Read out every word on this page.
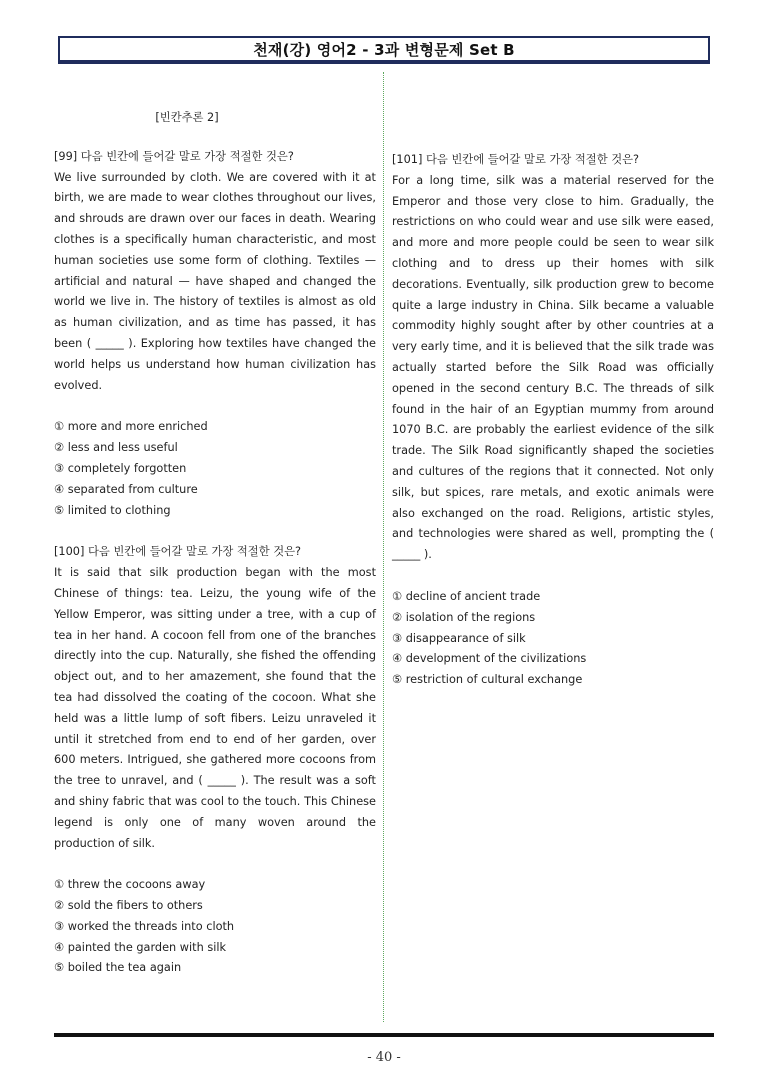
천재(강) 영어2 - 3과 변형문제 Set B
[빈칸추론 2]

[99] 다음 빈칸에 들어갈 말로 가장 적절한 것은?

We live surrounded by cloth. We are covered with it at birth, we are made to wear clothes throughout our lives, and shrouds are drawn over our faces in death. Wearing clothes is a specifically human characteristic, and most human societies use some form of clothing. Textiles — artificial and natural — have shaped and changed the world we live in. The history of textiles is almost as old as human civilization, and as time has passed, it has been ( _____ ). Exploring how textiles have changed the world helps us understand how human civilization has evolved.

① more and more enriched
② less and less useful
③ completely forgotten
④ separated from culture
⑤ limited to clothing

[100] 다음 빈칸에 들어갈 말로 가장 적절한 것은?

It is said that silk production began with the most Chinese of things: tea. Leizu, the young wife of the Yellow Emperor, was sitting under a tree, with a cup of tea in her hand. A cocoon fell from one of the branches directly into the cup. Naturally, she fished the offending object out, and to her amazement, she found that the tea had dissolved the coating of the cocoon. What she held was a little lump of soft fibers. Leizu unraveled it until it stretched from end to end of her garden, over 600 meters. Intrigued, she gathered more cocoons from the tree to unravel, and ( _____ ). The result was a soft and shiny fabric that was cool to the touch. This Chinese legend is only one of many woven around the production of silk.

① threw the cocoons away
② sold the fibers to others
③ worked the threads into cloth
④ painted the garden with silk
⑤ boiled the tea again

[101] 다음 빈칸에 들어갈 말로 가장 적절한 것은?

For a long time, silk was a material reserved for the Emperor and those very close to him. Gradually, the restrictions on who could wear and use silk were eased, and more and more people could be seen to wear silk clothing and to dress up their homes with silk decorations. Eventually, silk production grew to become quite a large industry in China. Silk became a valuable commodity highly sought after by other countries at a very early time, and it is believed that the silk trade was actually started before the Silk Road was officially opened in the second century B.C. The threads of silk found in the hair of an Egyptian mummy from around 1070 B.C. are probably the earliest evidence of the silk trade. The Silk Road significantly shaped the societies and cultures of the regions that it connected. Not only silk, but spices, rare metals, and exotic animals were also exchanged on the road. Religions, artistic styles, and technologies were shared as well, prompting the ( _____ ).

① decline of ancient trade
② isolation of the regions
③ disappearance of silk
④ development of the civilizations
⑤ restriction of cultural exchange
- 40 -
